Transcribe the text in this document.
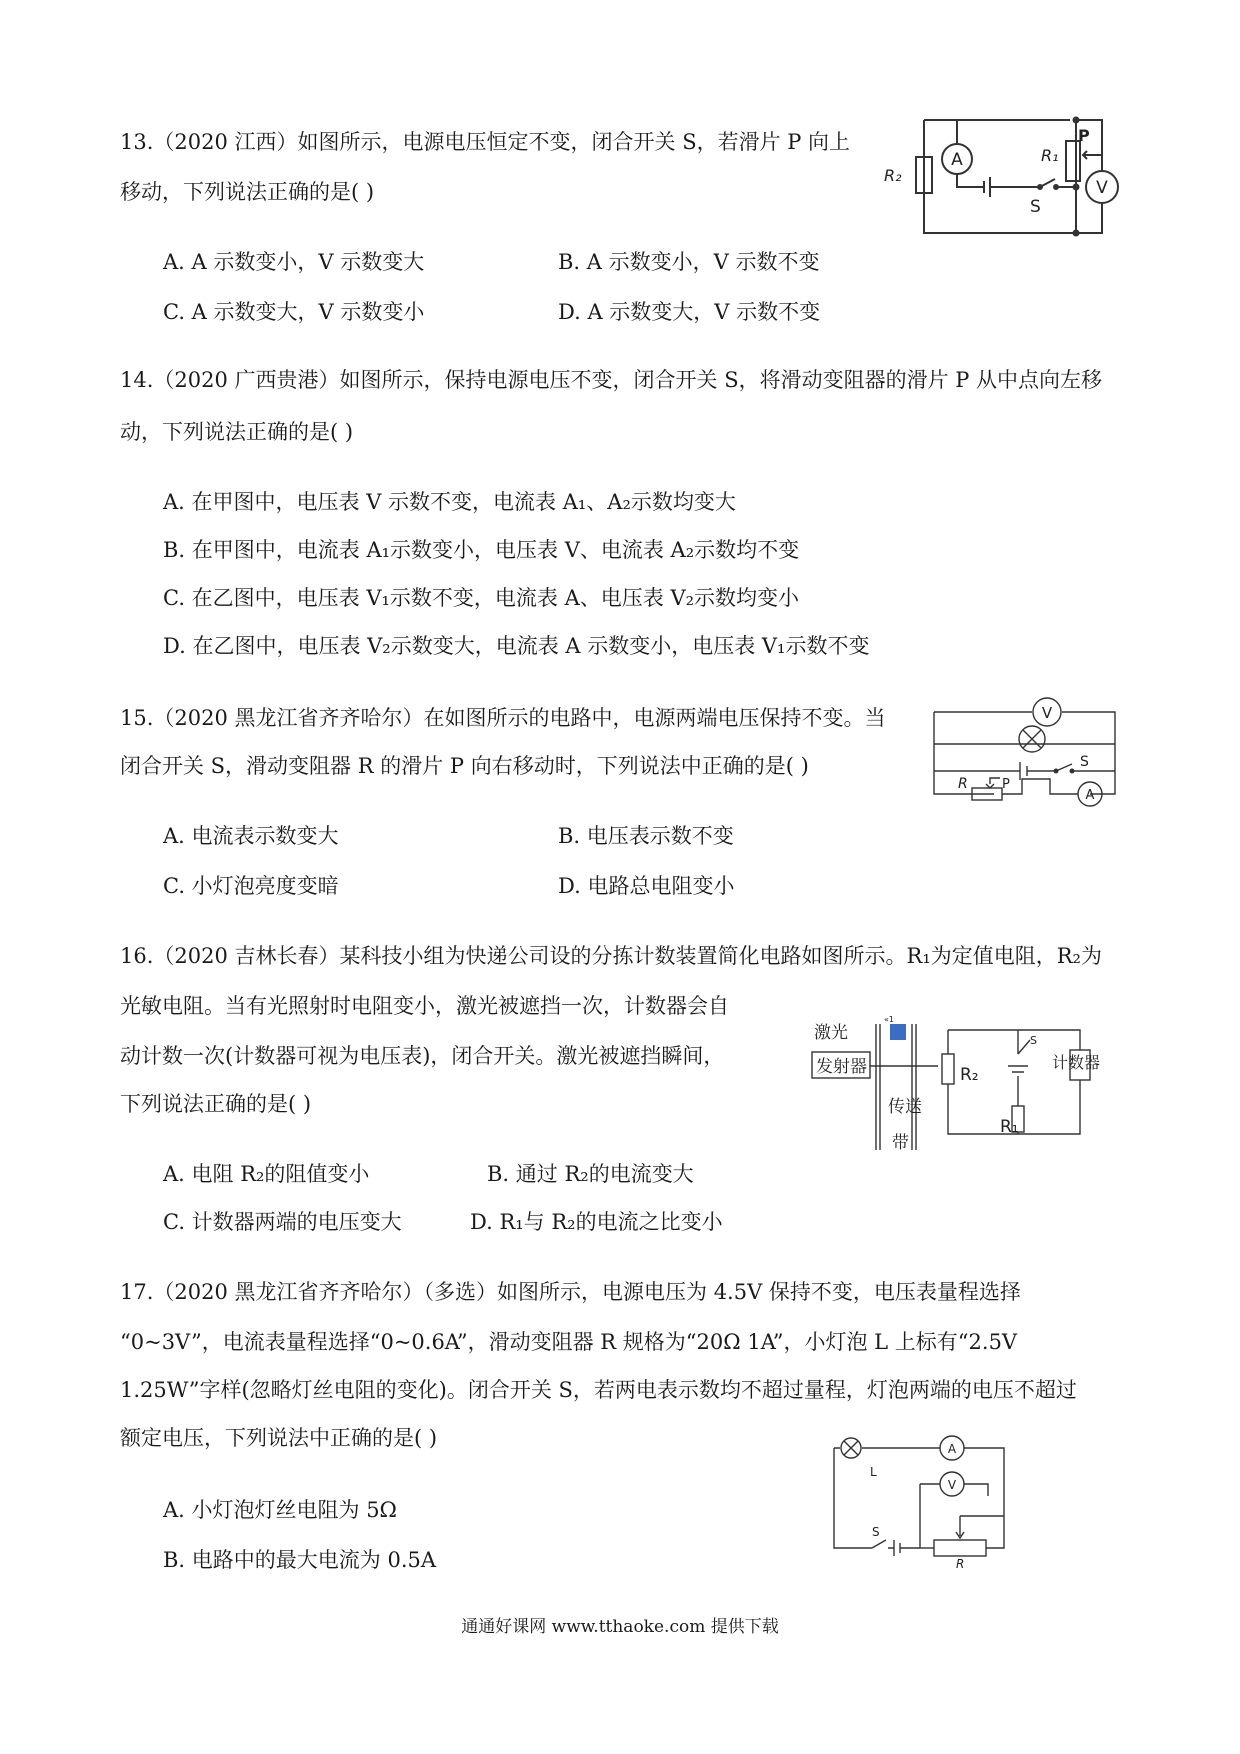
13.（2020 江西）如图所示，电源电压恒定不变，闭合开关 S，若滑片 P 向上
移动，下列说法正确的是( )
A. A 示数变小，V 示数变大	B. A 示数变小，V 示数不变
C. A 示数变大，V 示数变小	D. A 示数变大，V 示数不变
A
S
R₁
P
V
R₂
14.（2020 广西贵港）如图所示，保持电源电压不变，闭合开关 S，将滑动变阻器的滑片 P 从中点向左移
动，下列说法正确的是( )
A. 在甲图中，电压表 V 示数不变，电流表 A₁、A₂示数均变大
B. 在甲图中，电流表 A₁示数变小，电压表 V、电流表 A₂示数均不变
C. 在乙图中，电压表 V₁示数不变，电流表 A、电压表 V₂示数均变小
D. 在乙图中，电压表 V₂示数变大，电流表 A 示数变小，电压表 V₁示数不变
15.（2020 黑龙江省齐齐哈尔）在如图所示的电路中，电源两端电压保持不变。当
闭合开关 S，滑动变阻器 R 的滑片 P 向右移动时，下列说法中正确的是( )
A. 电流表示数变大	B. 电压表示数不变
C. 小灯泡亮度变暗	D. 电路总电阻变小
V
S
R	P
A
16.（2020 吉林长春）某科技小组为快递公司设的分拣计数装置简化电路如图所示。R₁为定值电阻，R₂为
光敏电阻。当有光照射时电阻变小，激光被遮挡一次，计数器会自
动计数一次(计数器可视为电压表)，闭合开关。激光被遮挡瞬间，
下列说法正确的是( )
A. 电阻 R₂的阻值变小	B. 通过 R₂的电流变大
C. 计数器两端的电压变大	D. R₁与 R₂的电流之比变小
激光
发射器
«1
传送
带
R₂
S
R₁
计数器
17.（2020 黑龙江省齐齐哈尔）（多选）如图所示，电源电压为 4.5V 保持不变，电压表量程选择
“0~3V”，电流表量程选择“0~0.6A”，滑动变阻器 R 规格为“20Ω 1A”，小灯泡 L 上标有“2.5V
1.25W”字样(忽略灯丝电阻的变化)。闭合开关 S，若两电表示数均不超过量程，灯泡两端的电压不超过
额定电压，下列说法中正确的是( )
A. 小灯泡灯丝电阻为 5Ω
B. 电路中的最大电流为 0.5A
L
A
V
S
R
通通好课网 www.tthaoke.com 提供下载
